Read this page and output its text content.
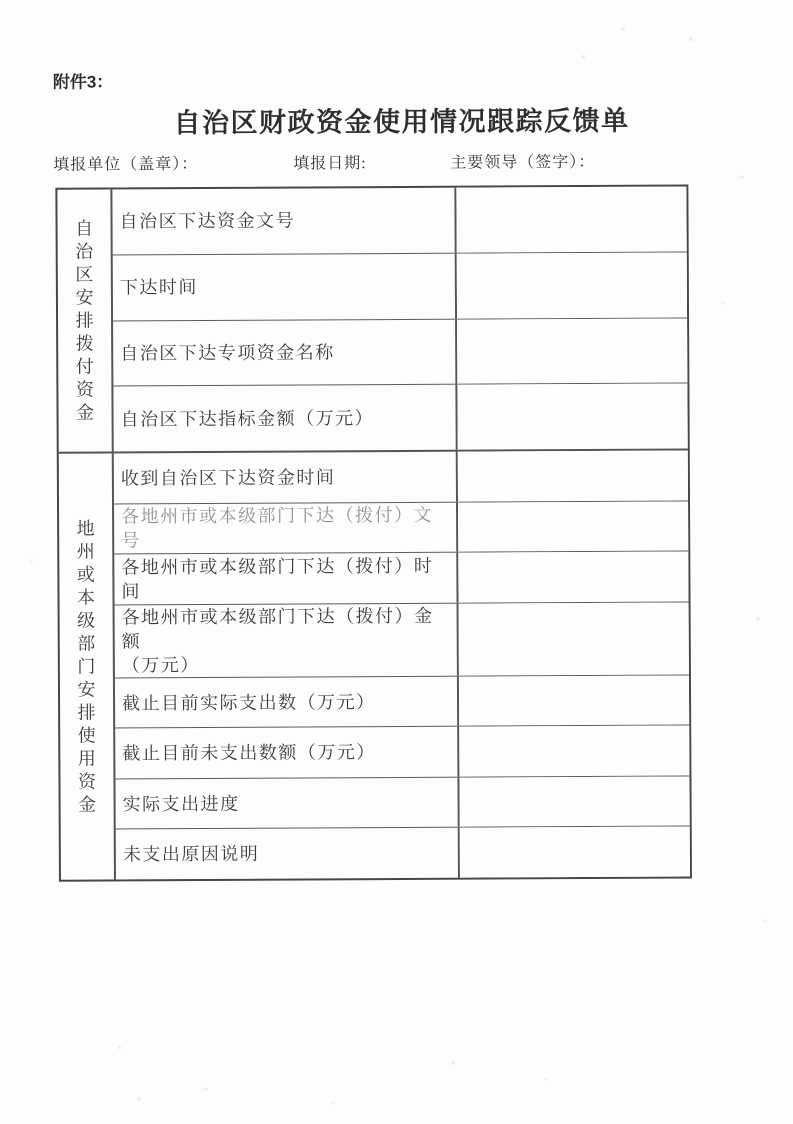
附件3：
自治区财政资金使用情况跟踪反馈单
填报单位（盖章）：	填报日期:	主要领导（签字）：
自治区安排拨付资金
自治区下达资金文号
下达时间
自治区下达专项资金名称
自治区下达指标金额（万元）
地州或本级部门安排使用资金
收到自治区下达资金时间
各地州市或本级部门下达（拨付）文号
各地州市或本级部门下达（拨付）时间
各地州市或本级部门下达（拨付）金额
（万元）
截止目前实际支出数（万元）
截止目前未支出数额（万元）
实际支出进度
未支出原因说明
